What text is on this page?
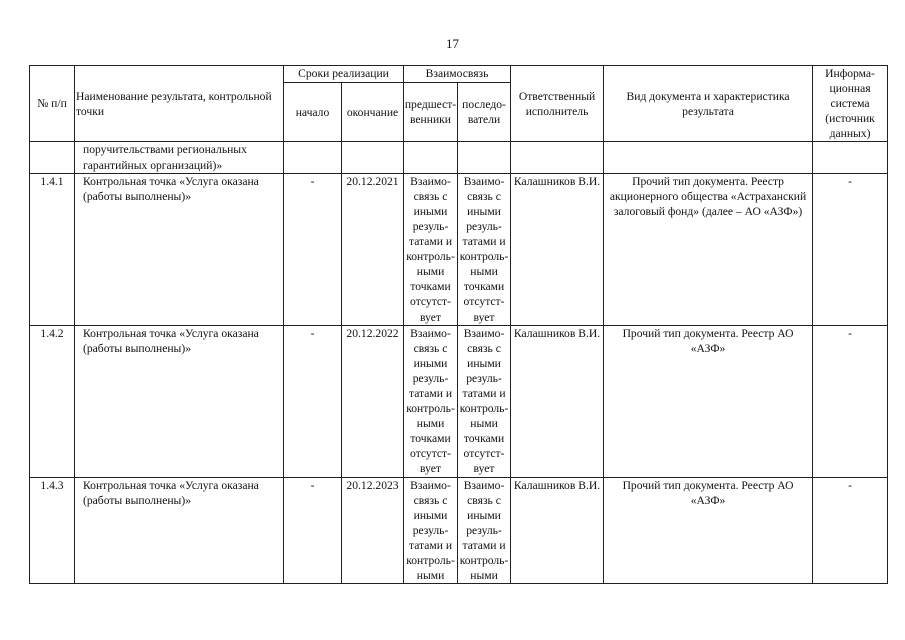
17
№ п/п	Наименование результата, контрольной точки	Сроки реализации		Взаимосвязь		Ответственный исполнитель	Вид документа и характеристика результата	Информа-ционная система (источник данных)
		начало	окончание	предшест-венники	последо-ватели			
	поручительствами региональных гарантийных организаций)»							
1.4.1	Контрольная точка «Услуга оказана (работы выполнены)»	-	20.12.2021	Взаимо-связь с иными резуль-татами и контроль-ными точками отсутст-вует	Взаимо-связь с иными резуль-татами и контроль-ными точками отсутст-вует	Калашников В.И.	Прочий тип документа. Реестр акционерного общества «Астраханский залоговый фонд» (далее – АО «АЗФ»)	-
1.4.2	Контрольная точка «Услуга оказана (работы выполнены)»	-	20.12.2022	Взаимо-связь с иными резуль-татами и контроль-ными точками отсутст-вует	Взаимо-связь с иными резуль-татами и контроль-ными точками отсутст-вует	Калашников В.И.	Прочий тип документа. Реестр АО «АЗФ»	-
1.4.3	Контрольная точка «Услуга оказана (работы выполнены)»	-	20.12.2023	Взаимо-связь с иными резуль-татами и контроль-ными	Взаимо-связь с иными резуль-татами и контроль-ными	Калашников В.И.	Прочий тип документа. Реестр АО «АЗФ»	-
